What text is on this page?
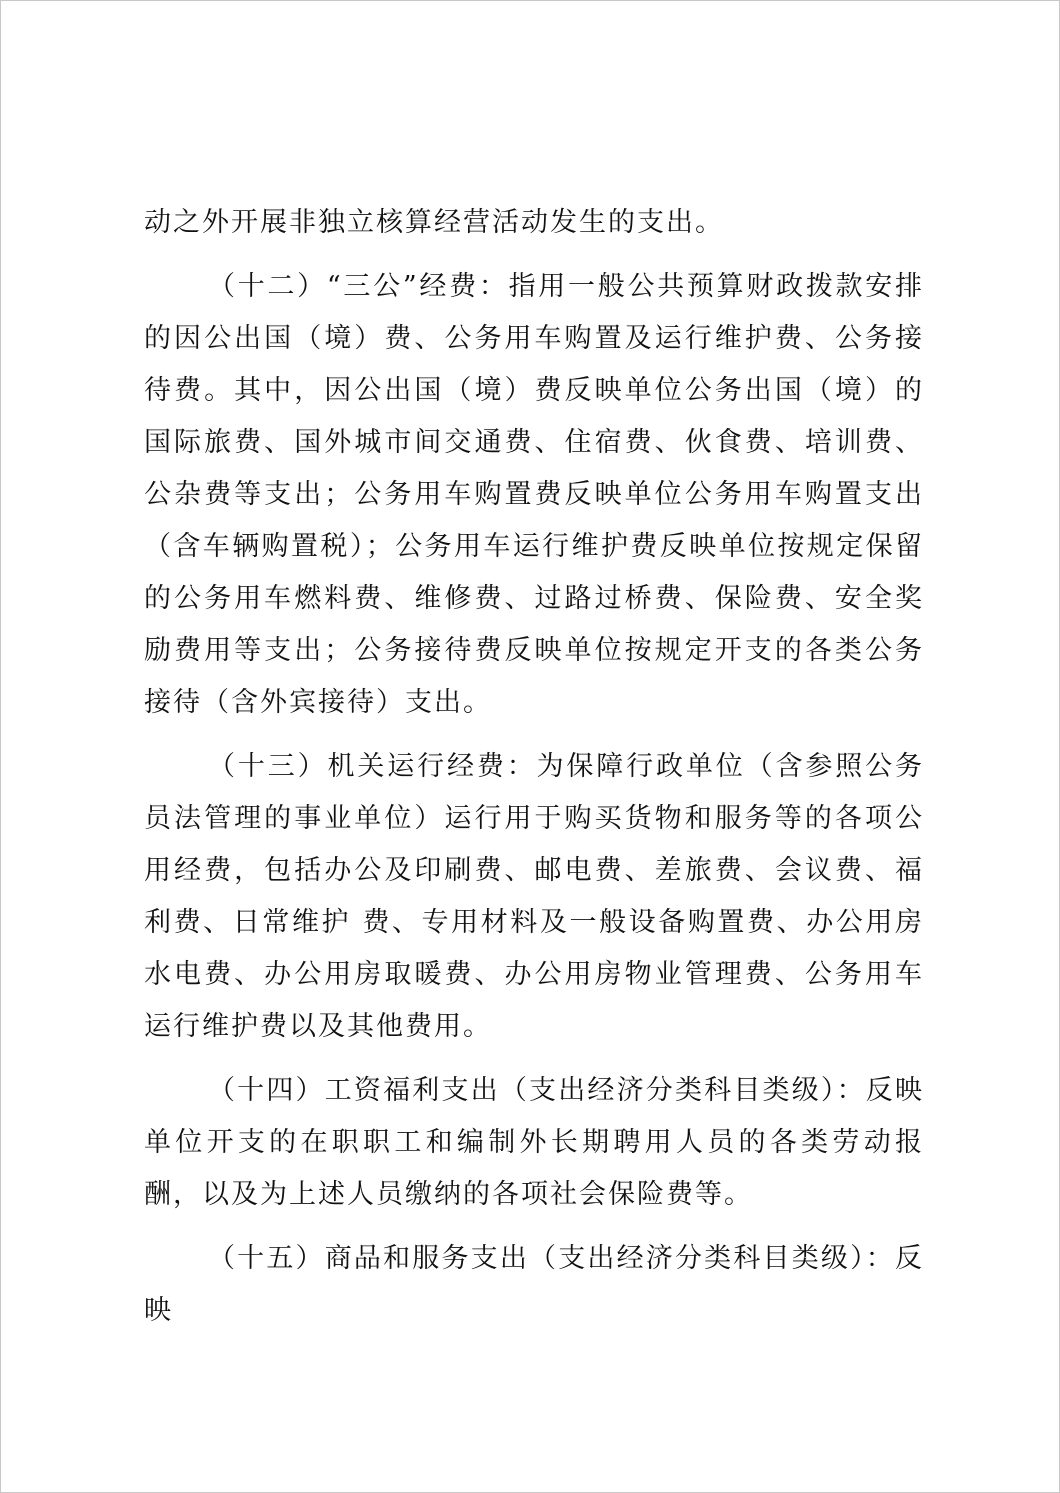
动之外开展非独立核算经营活动发生的支出。

（十二）“三公”经费：指用一般公共预算财政拨款安排的因公出国（境）费、公务用车购置及运行维护费、公务接待费。其中，因公出国（境）费反映单位公务出国（境）的国际旅费、国外城市间交通费、住宿费、伙食费、培训费、公杂费等支出；公务用车购置费反映单位公务用车购置支出（含车辆购置税）；公务用车运行维护费反映单位按规定保留的公务用车燃料费、维修费、过路过桥费、保险费、安全奖励费用等支出；公务接待费反映单位按规定开支的各类公务接待（含外宾接待）支出。

（十三）机关运行经费：为保障行政单位（含参照公务员法管理的事业单位）运行用于购买货物和服务等的各项公用经费，包括办公及印刷费、邮电费、差旅费、会议费、福利费、日常维护 费、专用材料及一般设备购置费、办公用房水电费、办公用房取暖费、办公用房物业管理费、公务用车运行维护费以及其他费用。

（十四）工资福利支出（支出经济分类科目类级）：反映单位开支的在职职工和编制外长期聘用人员的各类劳动报酬，以及为上述人员缴纳的各项社会保险费等。

（十五）商品和服务支出（支出经济分类科目类级）：反映
